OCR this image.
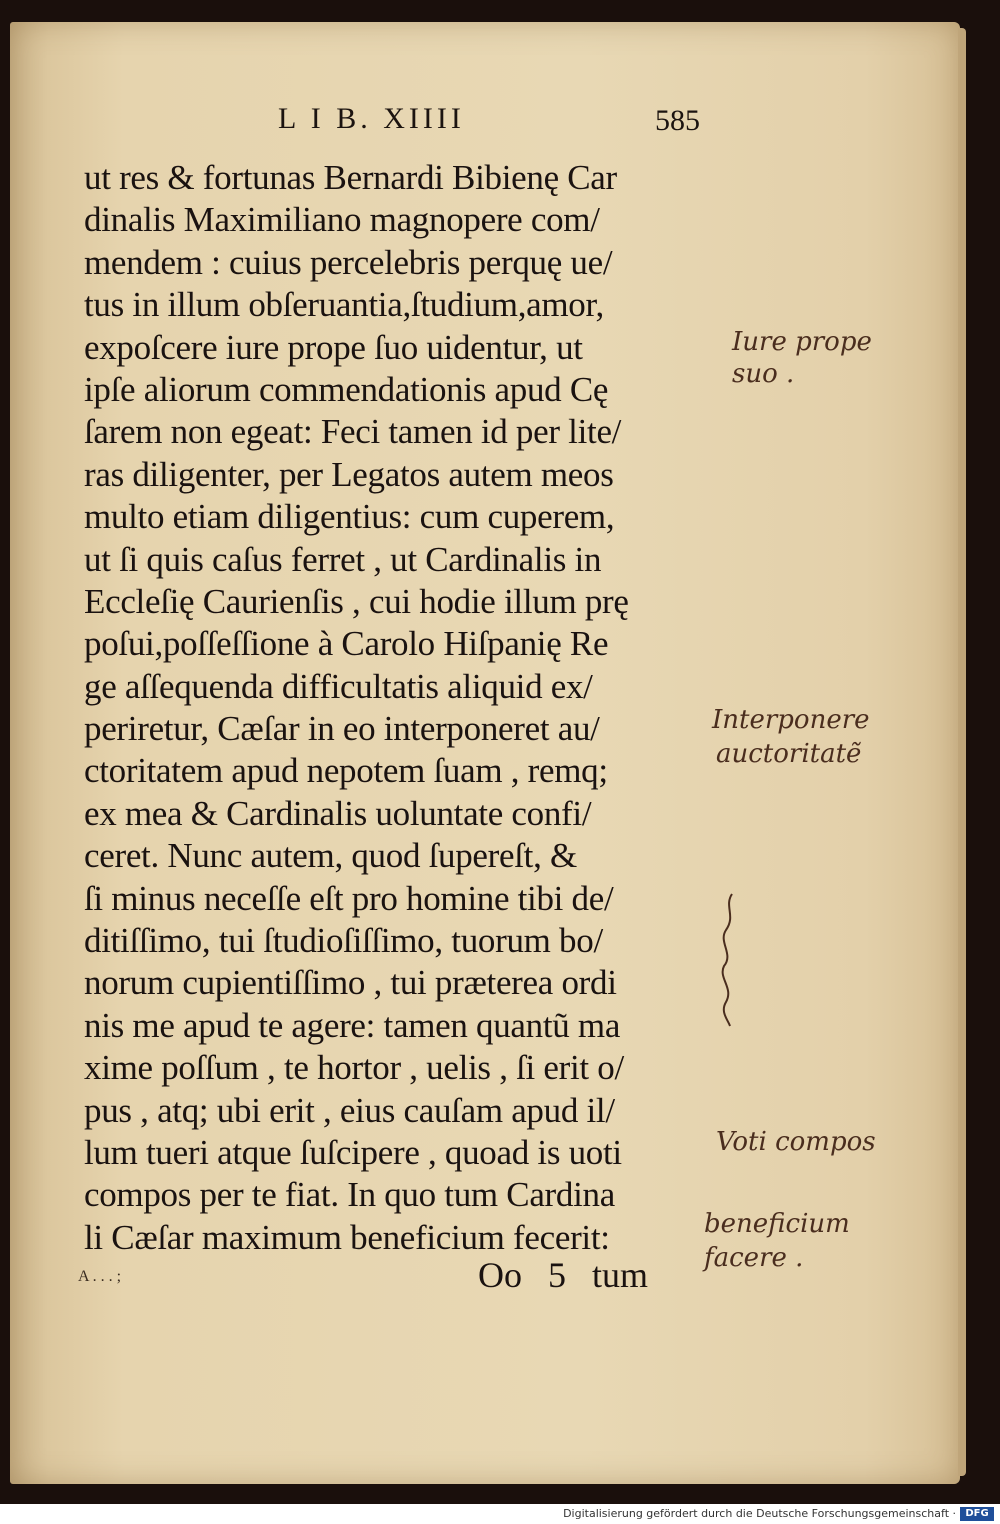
L I B. XIIII	585
ut res & fortunas Bernardi Bibienę Car
dinalis Maximiliano magnopere com/
mendem : cuius percelebris perquę ue/
tus in illum obſeruantia,ſtudium,amor,
expoſcere iure prope ſuo uidentur, ut
ipſe aliorum commendationis apud Cę
ſarem non egeat: Feci tamen id per lite/
ras diligenter, per Legatos autem meos
multo etiam diligentius: cum cuperem,
ut ſi quis caſus ferret , ut Cardinalis in
Eccleſię Caurienſis , cui hodie illum prę
poſui,poſſeſſione à Carolo Hiſpanię Re
ge aſſequenda difficultatis aliquid ex/
periretur, Cæſar in eo interponeret au/
ctoritatem apud nepotem ſuam , remq;
ex mea & Cardinalis uoluntate confi/
ceret. Nunc autem, quod ſupereſt, &
ſi minus neceſſe eſt pro homine tibi de/
ditiſſimo, tui ſtudioſiſſimo, tuorum bo/
norum cupientiſſimo , tui præterea ordi
nis me apud te agere: tamen quantũ ma
xime poſſum , te hortor , uelis , ſi erit o/
pus , atq; ubi erit , eius cauſam apud il/
lum tueri atque ſuſcipere , quoad is uoti
compos per te fiat. In quo tum Cardina
li Cæſar maximum beneficium fecerit:
A . . . ;	Oo 5 tum
Iure prope
suo .
Interponere
auctoritatẽ
Voti compos
beneficium
facere .
Digitalisierung gefördert durch die Deutsche Forschungsgemeinschaft · DFG
